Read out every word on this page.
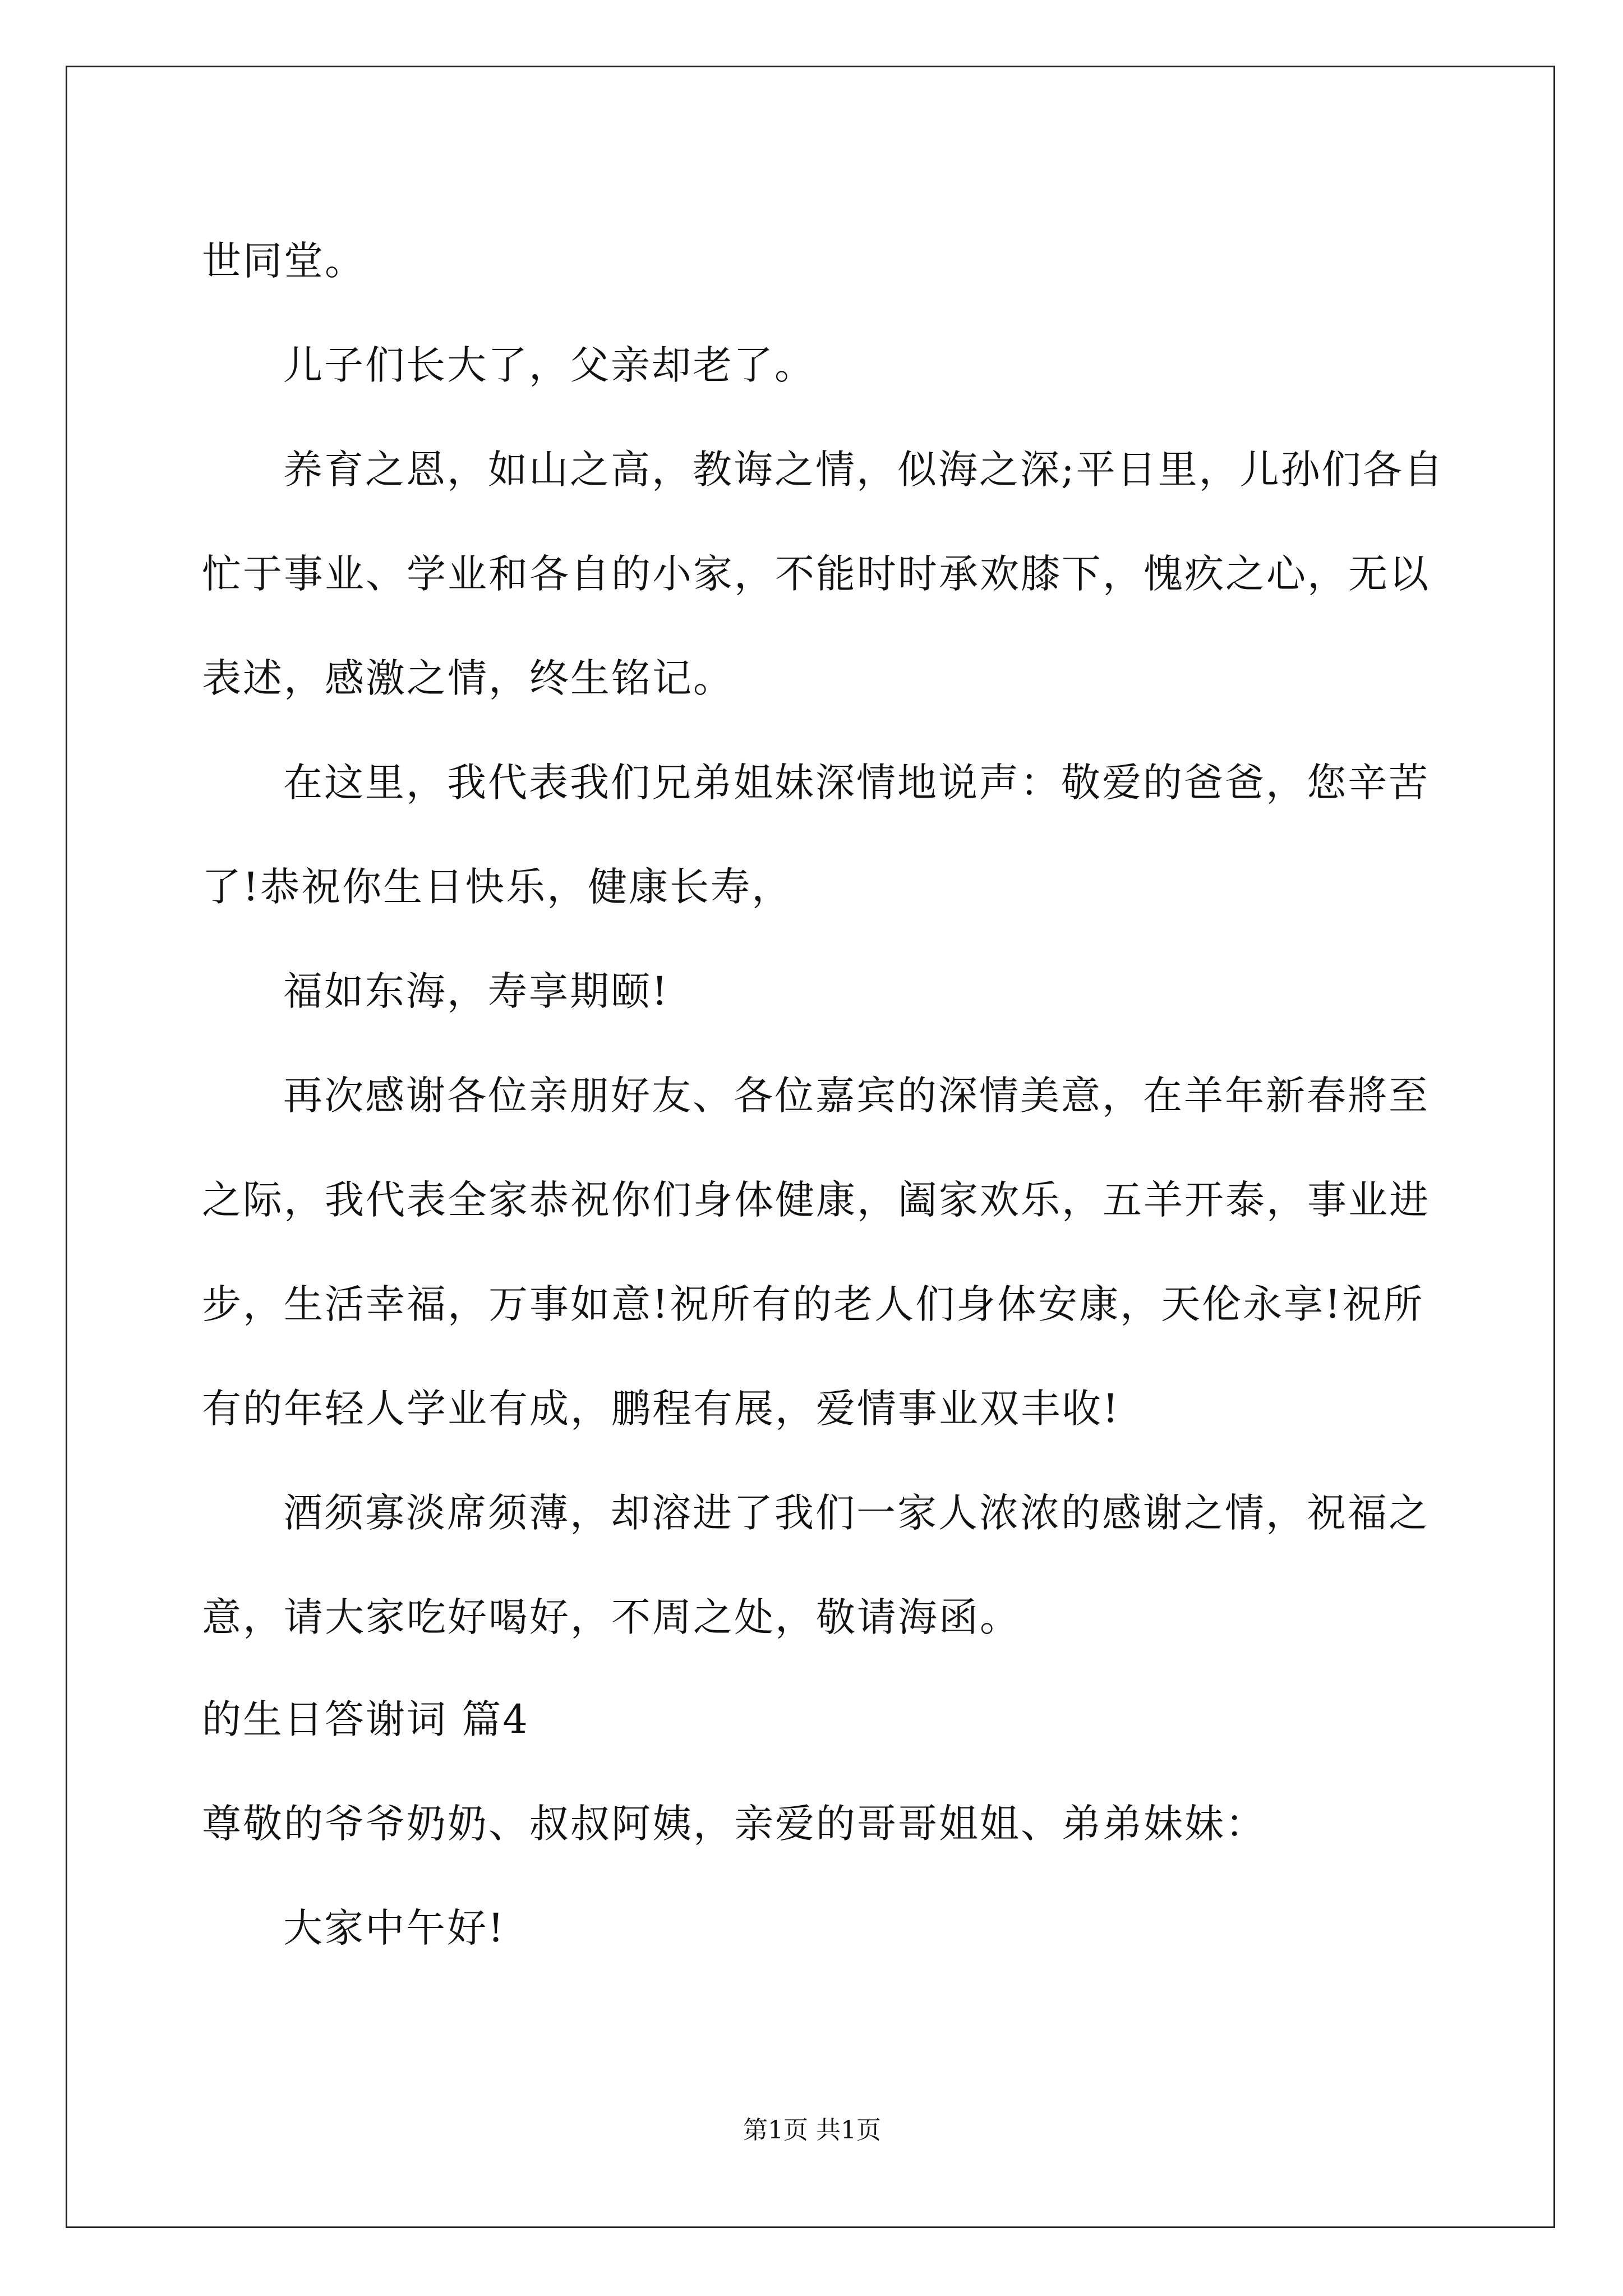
世同堂。
儿子们长大了，父亲却老了。
养育之恩，如山之高，教诲之情，似海之深;平日里，儿孙们各自
忙于事业、学业和各自的小家，不能时时承欢膝下，愧疚之心，无以
表述，感激之情，终生铭记。
在这里，我代表我们兄弟姐妹深情地说声：敬爱的爸爸，您辛苦
了!恭祝你生日快乐，健康长寿，
福如东海，寿享期颐!
再次感谢各位亲朋好友、各位嘉宾的深情美意，在羊年新春將至
之际，我代表全家恭祝你们身体健康，阖家欢乐，五羊开泰，事业进
步，生活幸福，万事如意!祝所有的老人们身体安康，天伦永享!祝所
有的年轻人学业有成，鹏程有展，爱情事业双丰收!
酒须寡淡席须薄，却溶进了我们一家人浓浓的感谢之情，祝福之
意，请大家吃好喝好，不周之处，敬请海函。
的生日答谢词 篇4
尊敬的爷爷奶奶、叔叔阿姨，亲爱的哥哥姐姐、弟弟妹妹：
大家中午好!
第1页 共1页
